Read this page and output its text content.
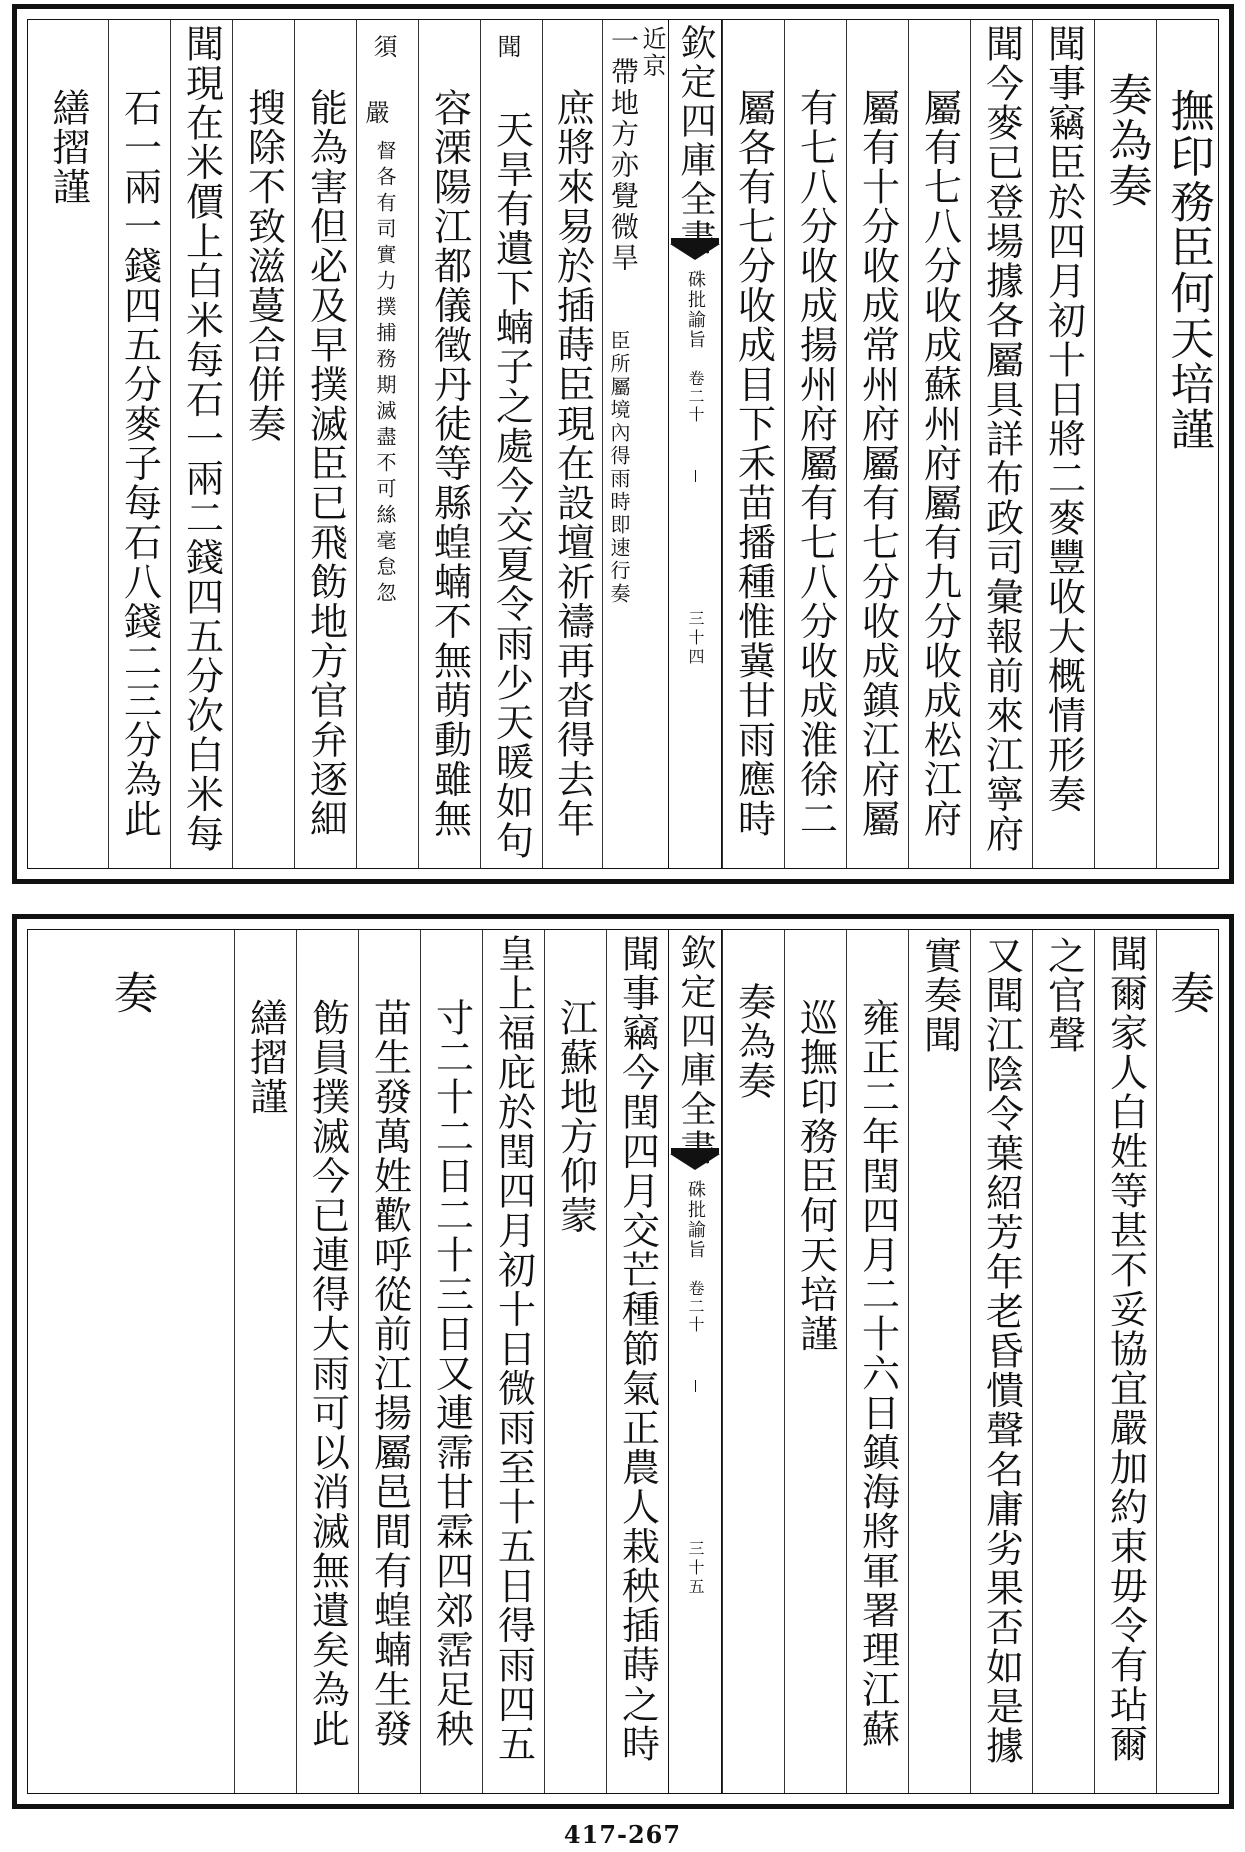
撫印務臣何天培謹
奏為奏
聞事竊臣於四月初十日將二麥豐收大概情形奏
聞今麥已登場據各屬具詳布政司彙報前來江寧府
屬有七八分收成蘇州府屬有九分收成松江府
屬有十分收成常州府屬有七分收成鎮江府屬
有七八分收成揚州府屬有七八分收成淮徐二
屬各有七分收成目下禾苗播種惟冀甘雨應時
欽定四庫全書
硃批諭旨
卷二十
三十四
近京
一帶地方亦覺微旱
臣所屬境內得雨時即速行奏
庶將來易於插蒔臣現在設壇祈禱再沓得去年
聞
天旱有遺下蝻子之處今交夏令雨少天暖如句
容溧陽江都儀徵丹徒等縣蝗蝻不無萌動雖無
須
嚴
督各有司實力撲捕務期滅盡不可絲毫怠忽
能為害但必及早撲滅臣已飛飭地方官弁逐細
搜除不致滋蔓合併奏
聞現在米價上白米每石一兩二錢四五分次白米每
石一兩一錢四五分麥子每石八錢二三分為此
繕摺謹
奏
聞爾家人白姓等甚不妥協宜嚴加約束毋令有玷爾
之官聲
又聞江陰令葉紹芳年老昏憒聲名庸劣果否如是據
實奏聞
雍正二年閏四月二十六日鎮海將軍署理江蘇
巡撫印務臣何天培謹
奏為奏
欽定四庫全書
硃批諭旨
卷二十
三十五
聞事竊今閏四月交芒種節氣正農人栽秧插蒔之時
江蘇地方仰蒙
皇上福庇於閏四月初十日微雨至十五日得雨四五
寸二十二日二十三日又連霈甘霖四郊霑足秧
苗生發萬姓歡呼從前江揚屬邑間有蝗蝻生發
飭員撲滅今已連得大雨可以消滅無遺矣為此
繕摺謹
奏
417-267
